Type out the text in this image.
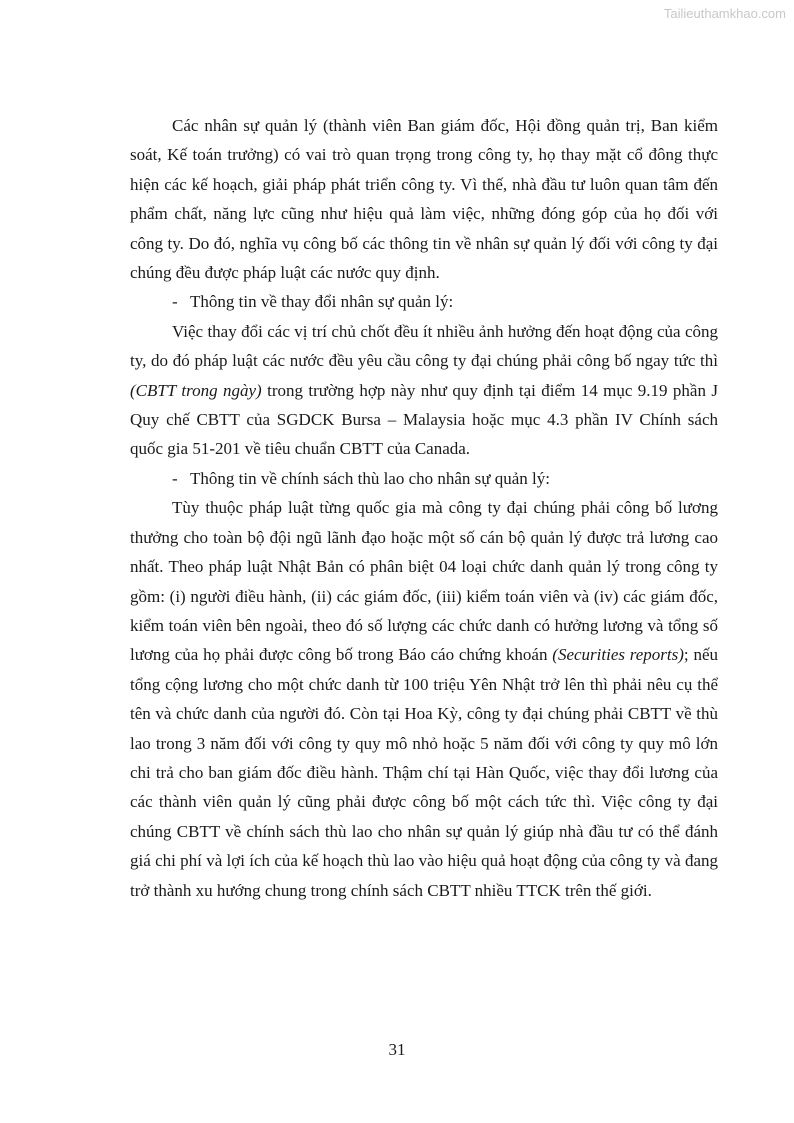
Tailieuthamkhao.com

Các nhân sự quản lý (thành viên Ban giám đốc, Hội đồng quản trị, Ban kiểm soát, Kế toán trưởng) có vai trò quan trọng trong công ty, họ thay mặt cổ đông thực hiện các kế hoạch, giải pháp phát triển công ty. Vì thế, nhà đầu tư luôn quan tâm đến phẩm chất, năng lực cũng như hiệu quả làm việc, những đóng góp của họ đối với công ty. Do đó, nghĩa vụ công bố các thông tin về nhân sự quản lý đối với công ty đại chúng đều được pháp luật các nước quy định.

- Thông tin về thay đổi nhân sự quản lý:

Việc thay đổi các vị trí chủ chốt đều ít nhiều ảnh hưởng đến hoạt động của công ty, do đó pháp luật các nước đều yêu cầu công ty đại chúng phải công bố ngay tức thì (CBTT trong ngày) trong trường hợp này như quy định tại điểm 14 mục 9.19 phần J Quy chế CBTT của SGDCK Bursa – Malaysia hoặc mục 4.3 phần IV Chính sách quốc gia 51-201 về tiêu chuẩn CBTT của Canada.

- Thông tin về chính sách thù lao cho nhân sự quản lý:

Tùy thuộc pháp luật từng quốc gia mà công ty đại chúng phải công bố lương thưởng cho toàn bộ đội ngũ lãnh đạo hoặc một số cán bộ quản lý được trả lương cao nhất. Theo pháp luật Nhật Bản có phân biệt 04 loại chức danh quản lý trong công ty gồm: (i) người điều hành, (ii) các giám đốc, (iii) kiểm toán viên và (iv) các giám đốc, kiểm toán viên bên ngoài, theo đó số lượng các chức danh có hưởng lương và tổng số lương của họ phải được công bố trong Báo cáo chứng khoán (Securities reports); nếu tổng cộng lương cho một chức danh từ 100 triệu Yên Nhật trở lên thì phải nêu cụ thể tên và chức danh của người đó. Còn tại Hoa Kỳ, công ty đại chúng phải CBTT về thù lao trong 3 năm đối với công ty quy mô nhỏ hoặc 5 năm đối với công ty quy mô lớn chi trả cho ban giám đốc điều hành. Thậm chí tại Hàn Quốc, việc thay đổi lương của các thành viên quản lý cũng phải được công bố một cách tức thì. Việc công ty đại chúng CBTT về chính sách thù lao cho nhân sự quản lý giúp nhà đầu tư có thể đánh giá chi phí và lợi ích của kế hoạch thù lao vào hiệu quả hoạt động của công ty và đang trở thành xu hướng chung trong chính sách CBTT nhiều TTCK trên thế giới.

31
